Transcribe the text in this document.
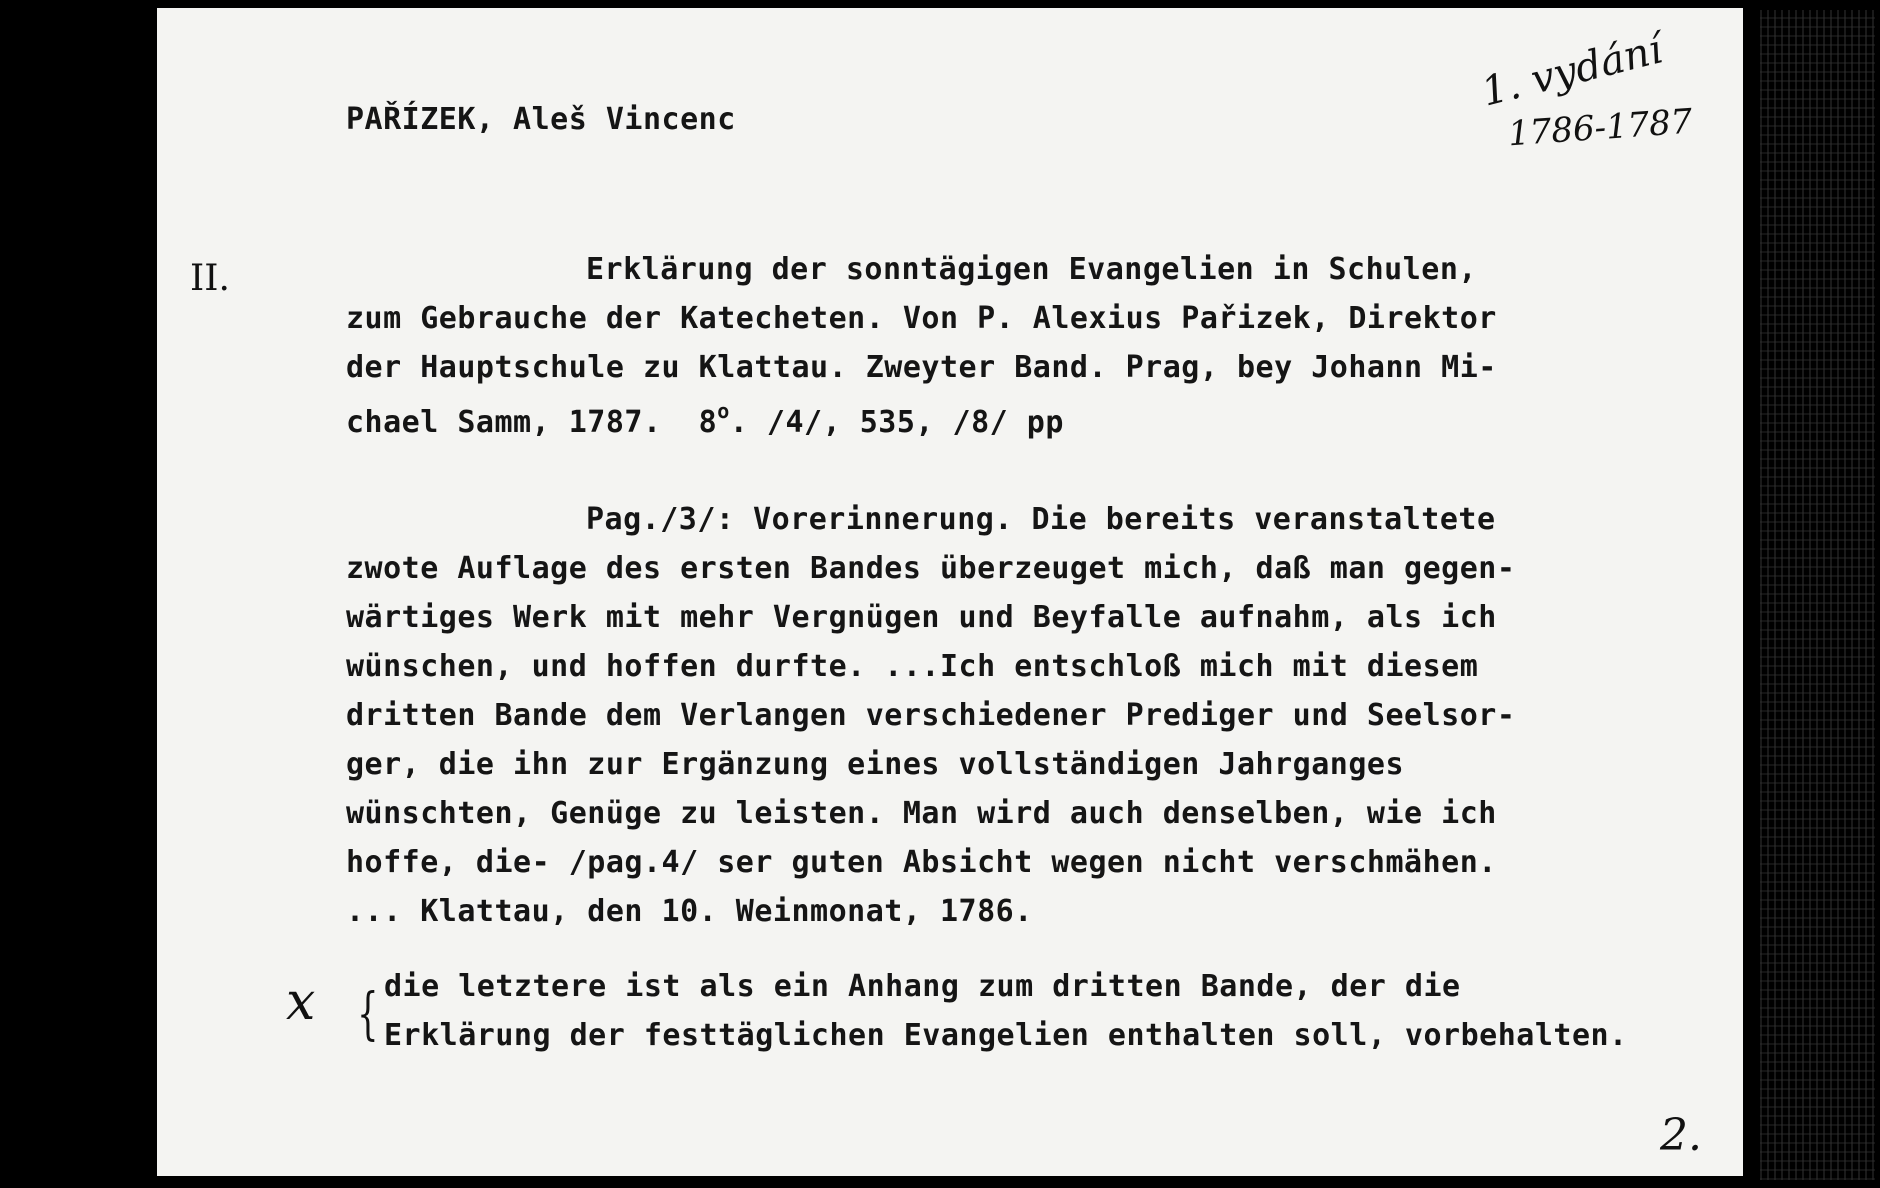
PAŘÍZEK, Aleš Vincenc
1. vydání
1786-1787
II.	Erklärung der sonntägigen Evangelien in Schulen,
zum Gebrauche der Katecheten. Von P. Alexius Pařizek, Direktor
der Hauptschule zu Klattau. Zweyter Band. Prag, bey Johann Mi-
chael Samm, 1787.  8$^o$. /4/, 535, /8/ pp
Pag./3/: Vorerinnerung. Die bereits veranstaltete
zwote Auflage des ersten Bandes überzeuget mich, daß man gegen-
wärtiges Werk mit mehr Vergnügen und Beyfalle aufnahm, als ich
wünschen, und hoffen durfte. ...Ich entschloß mich mit diesem
dritten Bande dem Verlangen verschiedener Prediger und Seelsor-
ger, die ihn zur Ergänzung eines vollständigen Jahrganges
wünschten, Genüge zu leisten. Man wird auch denselben, wie ich
hoffe, die- /pag.4/ ser guten Absicht wegen nicht verschmähen.
... Klattau, den 10. Weinmonat, 1786.
x { die letztere ist als ein Anhang zum dritten Bande, der die
Erklärung der festtäglichen Evangelien enthalten soll, vorbehalten.
2.
